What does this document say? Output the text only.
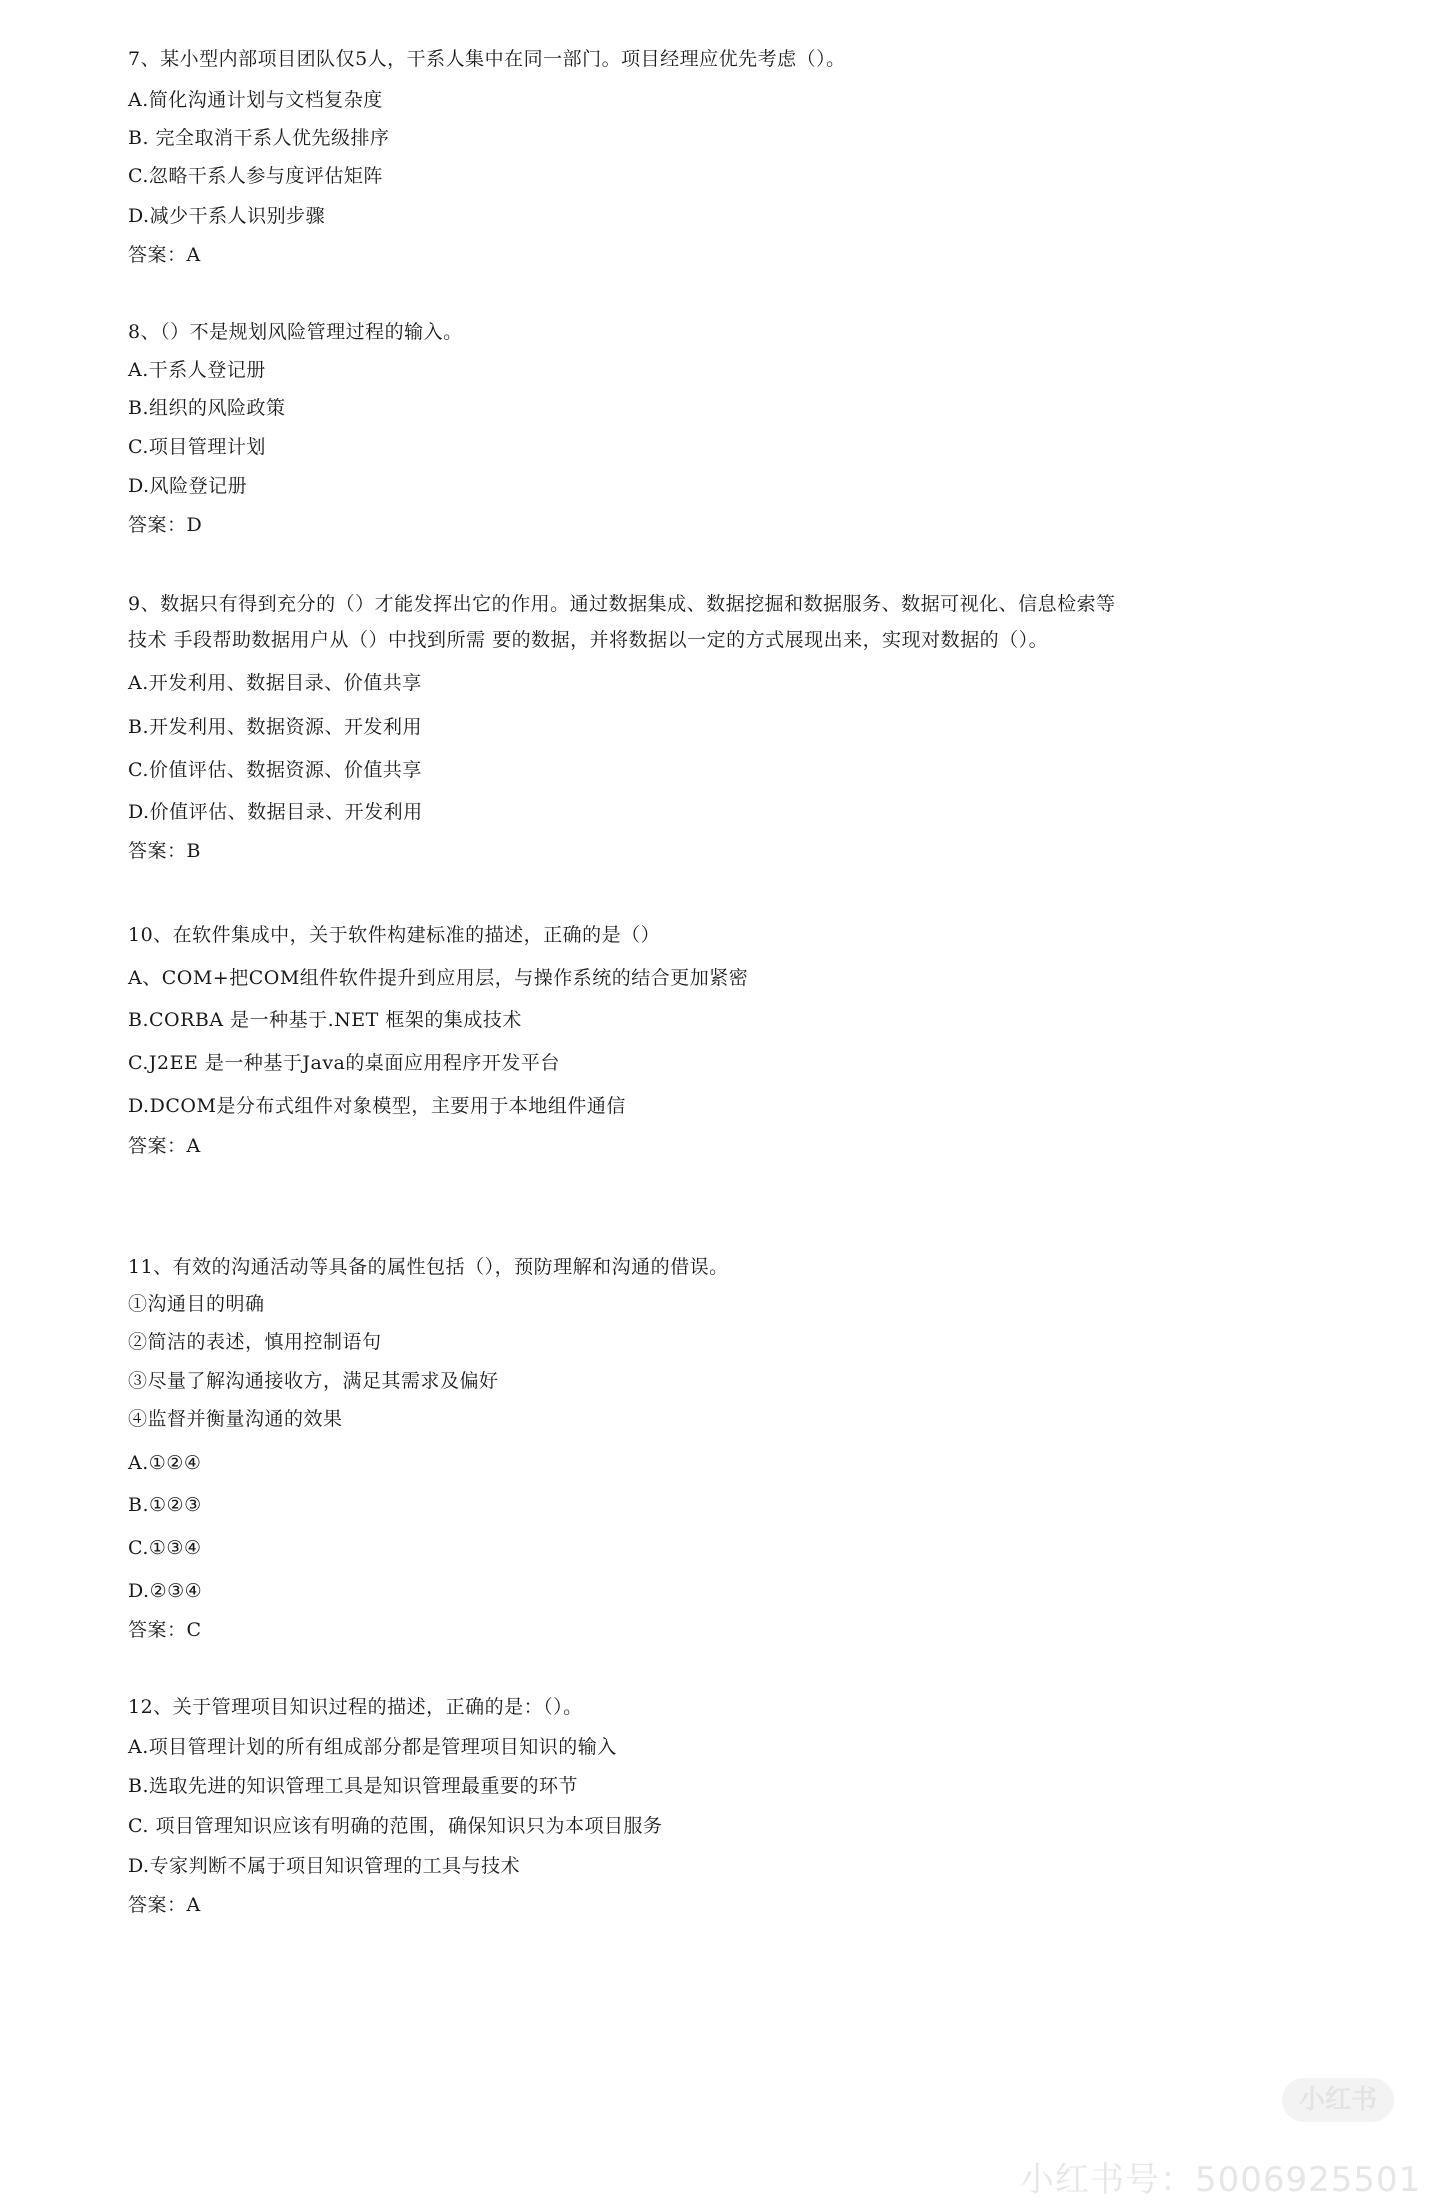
7、某小型内部项目团队仅5人，干系人集中在同一部门。项目经理应优先考虑（）。
A.简化沟通计划与文档复杂度
B. 完全取消干系人优先级排序
C.忽略干系人参与度评估矩阵
D.减少干系人识别步骤
答案：A
8、（）不是规划风险管理过程的输入。
A.干系人登记册
B.组织的风险政策
C.项目管理计划
D.风险登记册
答案：D
9、数据只有得到充分的（）才能发挥出它的作用。通过数据集成、数据挖掘和数据服务、数据可视化、信息检索等
技术 手段帮助数据用户从（）中找到所需 要的数据，并将数据以一定的方式展现出来，实现对数据的（）。
A.开发利用、数据目录、价值共享
B.开发利用、数据资源、开发利用
C.价值评估、数据资源、价值共享
D.价值评估、数据目录、开发利用
答案：B
10、在软件集成中，关于软件构建标准的描述，正确的是（）
A、COM+把COM组件软件提升到应用层，与操作系统的结合更加紧密
B.CORBA 是一种基于.NET 框架的集成技术
C.J2EE 是一种基于Java的桌面应用程序开发平台
D.DCOM是分布式组件对象模型，主要用于本地组件通信
答案：A
11、有效的沟通活动等具备的属性包括（），预防理解和沟通的借误。
①沟通目的明确
②简洁的表述，慎用控制语句
③尽量了解沟通接收方，满足其需求及偏好
④监督并衡量沟通的效果
A.①②④
B.①②③
C.①③④
D.②③④
答案：C
12、关于管理项目知识过程的描述，正确的是：（）。
A.项目管理计划的所有组成部分都是管理项目知识的输入
B.选取先进的知识管理工具是知识管理最重要的环节
C. 项目管理知识应该有明确的范围，确保知识只为本项目服务
D.专家判断不属于项目知识管理的工具与技术
答案：A
小红书
小红书号：5006925501
